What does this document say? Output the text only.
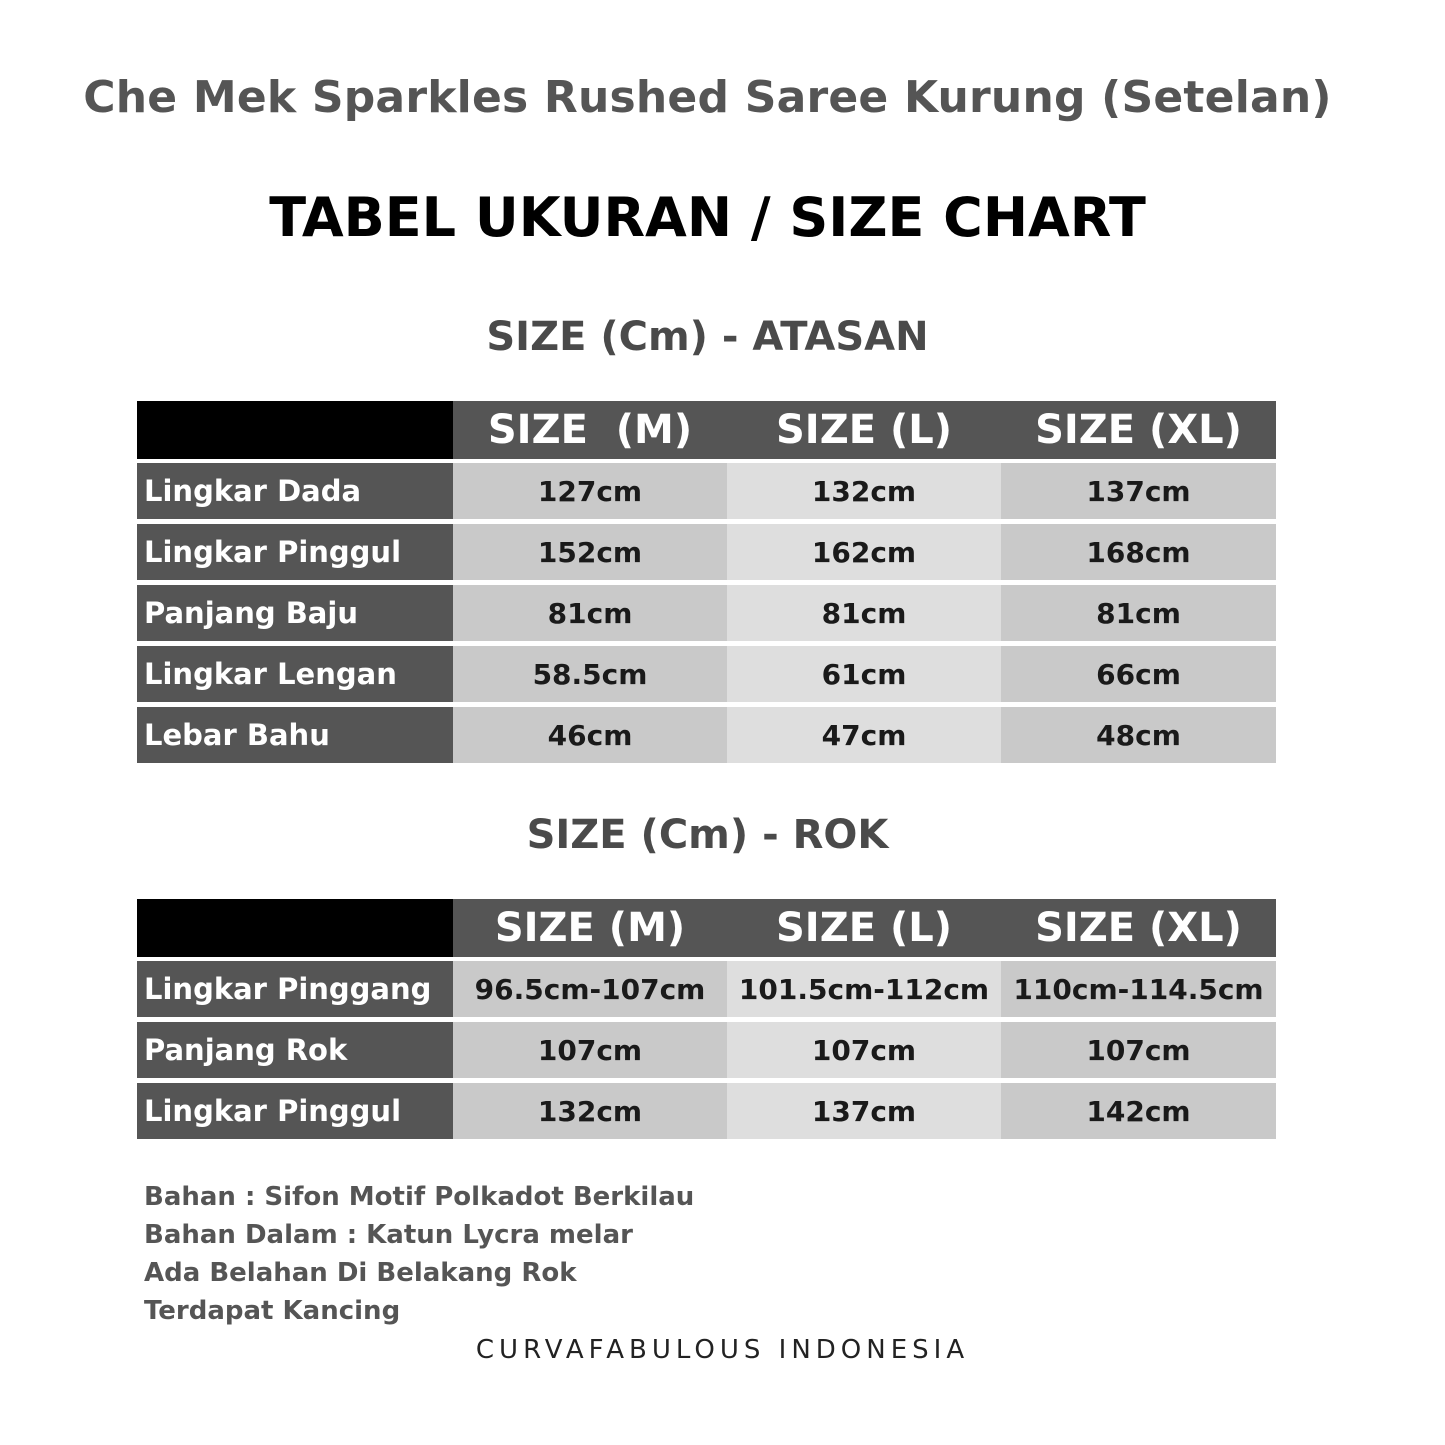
Che Mek Sparkles Rushed Saree Kurung (Setelan)
TABEL UKURAN / SIZE CHART
SIZE (Cm) - ATASAN
	SIZE  (M)	SIZE (L)	SIZE (XL)
Lingkar Dada	127cm	132cm	137cm
Lingkar Pinggul	152cm	162cm	168cm
Panjang Baju	81cm	81cm	81cm
Lingkar Lengan	58.5cm	61cm	66cm
Lebar Bahu	46cm	47cm	48cm
SIZE (Cm) - ROK
	SIZE (M)	SIZE (L)	SIZE (XL)
Lingkar Pinggang	96.5cm-107cm	101.5cm-112cm	110cm-114.5cm
Panjang Rok	107cm	107cm	107cm
Lingkar Pinggul	132cm	137cm	142cm
Bahan : Sifon Motif Polkadot Berkilau
Bahan Dalam : Katun Lycra melar
Ada Belahan Di Belakang Rok
Terdapat Kancing
CURVAFABULOUS INDONESIA
